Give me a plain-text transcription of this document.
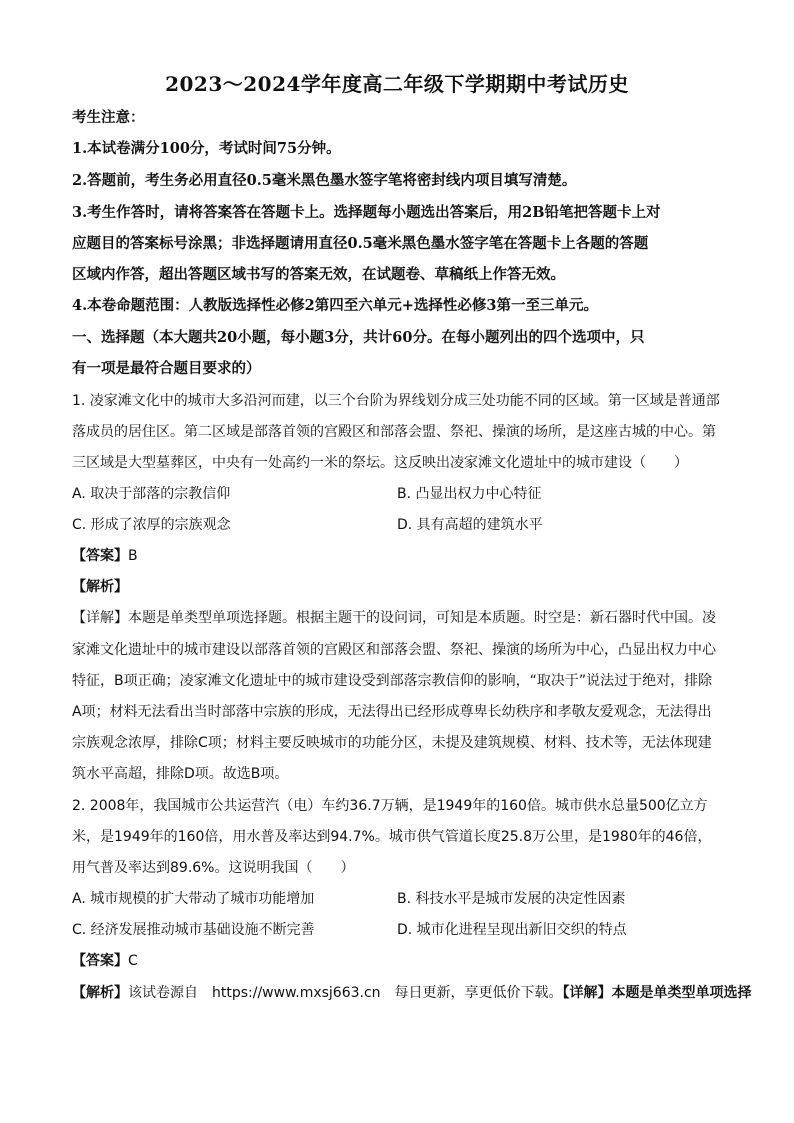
2023～2024学年度高二年级下学期期中考试历史
考生注意：
1.本试卷满分100分，考试时间75分钟。
2.答题前，考生务必用直径0.5毫米黑色墨水签字笔将密封线内项目填写清楚。
3.考生作答时，请将答案答在答题卡上。选择题每小题选出答案后，用2B铅笔把答题卡上对
应题目的答案标号涂黑；非选择题请用直径0.5毫米黑色墨水签字笔在答题卡上各题的答题
区域内作答，超出答题区域书写的答案无效，在试题卷、草稿纸上作答无效。
4.本卷命题范围：人教版选择性必修2第四至六单元+选择性必修3第一至三单元。
一、选择题（本大题共20小题，每小题3分，共计60分。在每小题列出的四个选项中，只
有一项是最符合题目要求的）
1. 凌家滩文化中的城市大多沿河而建，以三个台阶为界线划分成三处功能不同的区域。第一区域是普通部
落成员的居住区。第二区域是部落首领的宫殿区和部落会盟、祭祀、操演的场所，是这座古城的中心。第
三区域是大型墓葬区，中央有一处高约一米的祭坛。这反映出凌家滩文化遗址中的城市建设（　　）
A. 取决于部落的宗教信仰	B. 凸显出权力中心特征
C. 形成了浓厚的宗族观念	D. 具有高超的建筑水平
【答案】B
【解析】
【详解】本题是单类型单项选择题。根据主题干的设问词，可知是本质题。时空是：新石器时代中国。凌
家滩文化遗址中的城市建设以部落首领的宫殿区和部落会盟、祭祀、操演的场所为中心，凸显出权力中心
特征，B项正确；凌家滩文化遗址中的城市建设受到部落宗教信仰的影响，“取决于”说法过于绝对，排除
A项；材料无法看出当时部落中宗族的形成，无法得出已经形成尊卑长幼秩序和孝敬友爱观念，无法得出
宗族观念浓厚，排除C项；材料主要反映城市的功能分区，未提及建筑规模、材料、技术等，无法体现建
筑水平高超，排除D项。故选B项。
2. 2008年，我国城市公共运营汽（电）车约36.7万辆，是1949年的160倍。城市供水总量500亿立方
米，是1949年的160倍，用水普及率达到94.7%。城市供气管道长度25.8万公里，是1980年的46倍，
用气普及率达到89.6%。这说明我国（　　）
A. 城市规模的扩大带动了城市功能增加	B. 科技水平是城市发展的决定性因素
C. 经济发展推动城市基础设施不断完善	D. 城市化进程呈现出新旧交织的特点
【答案】C
【解析】该试卷源自　https://www.mxsj663.cn　每日更新，享更低价下载。【详解】本题是单类型单项选择
